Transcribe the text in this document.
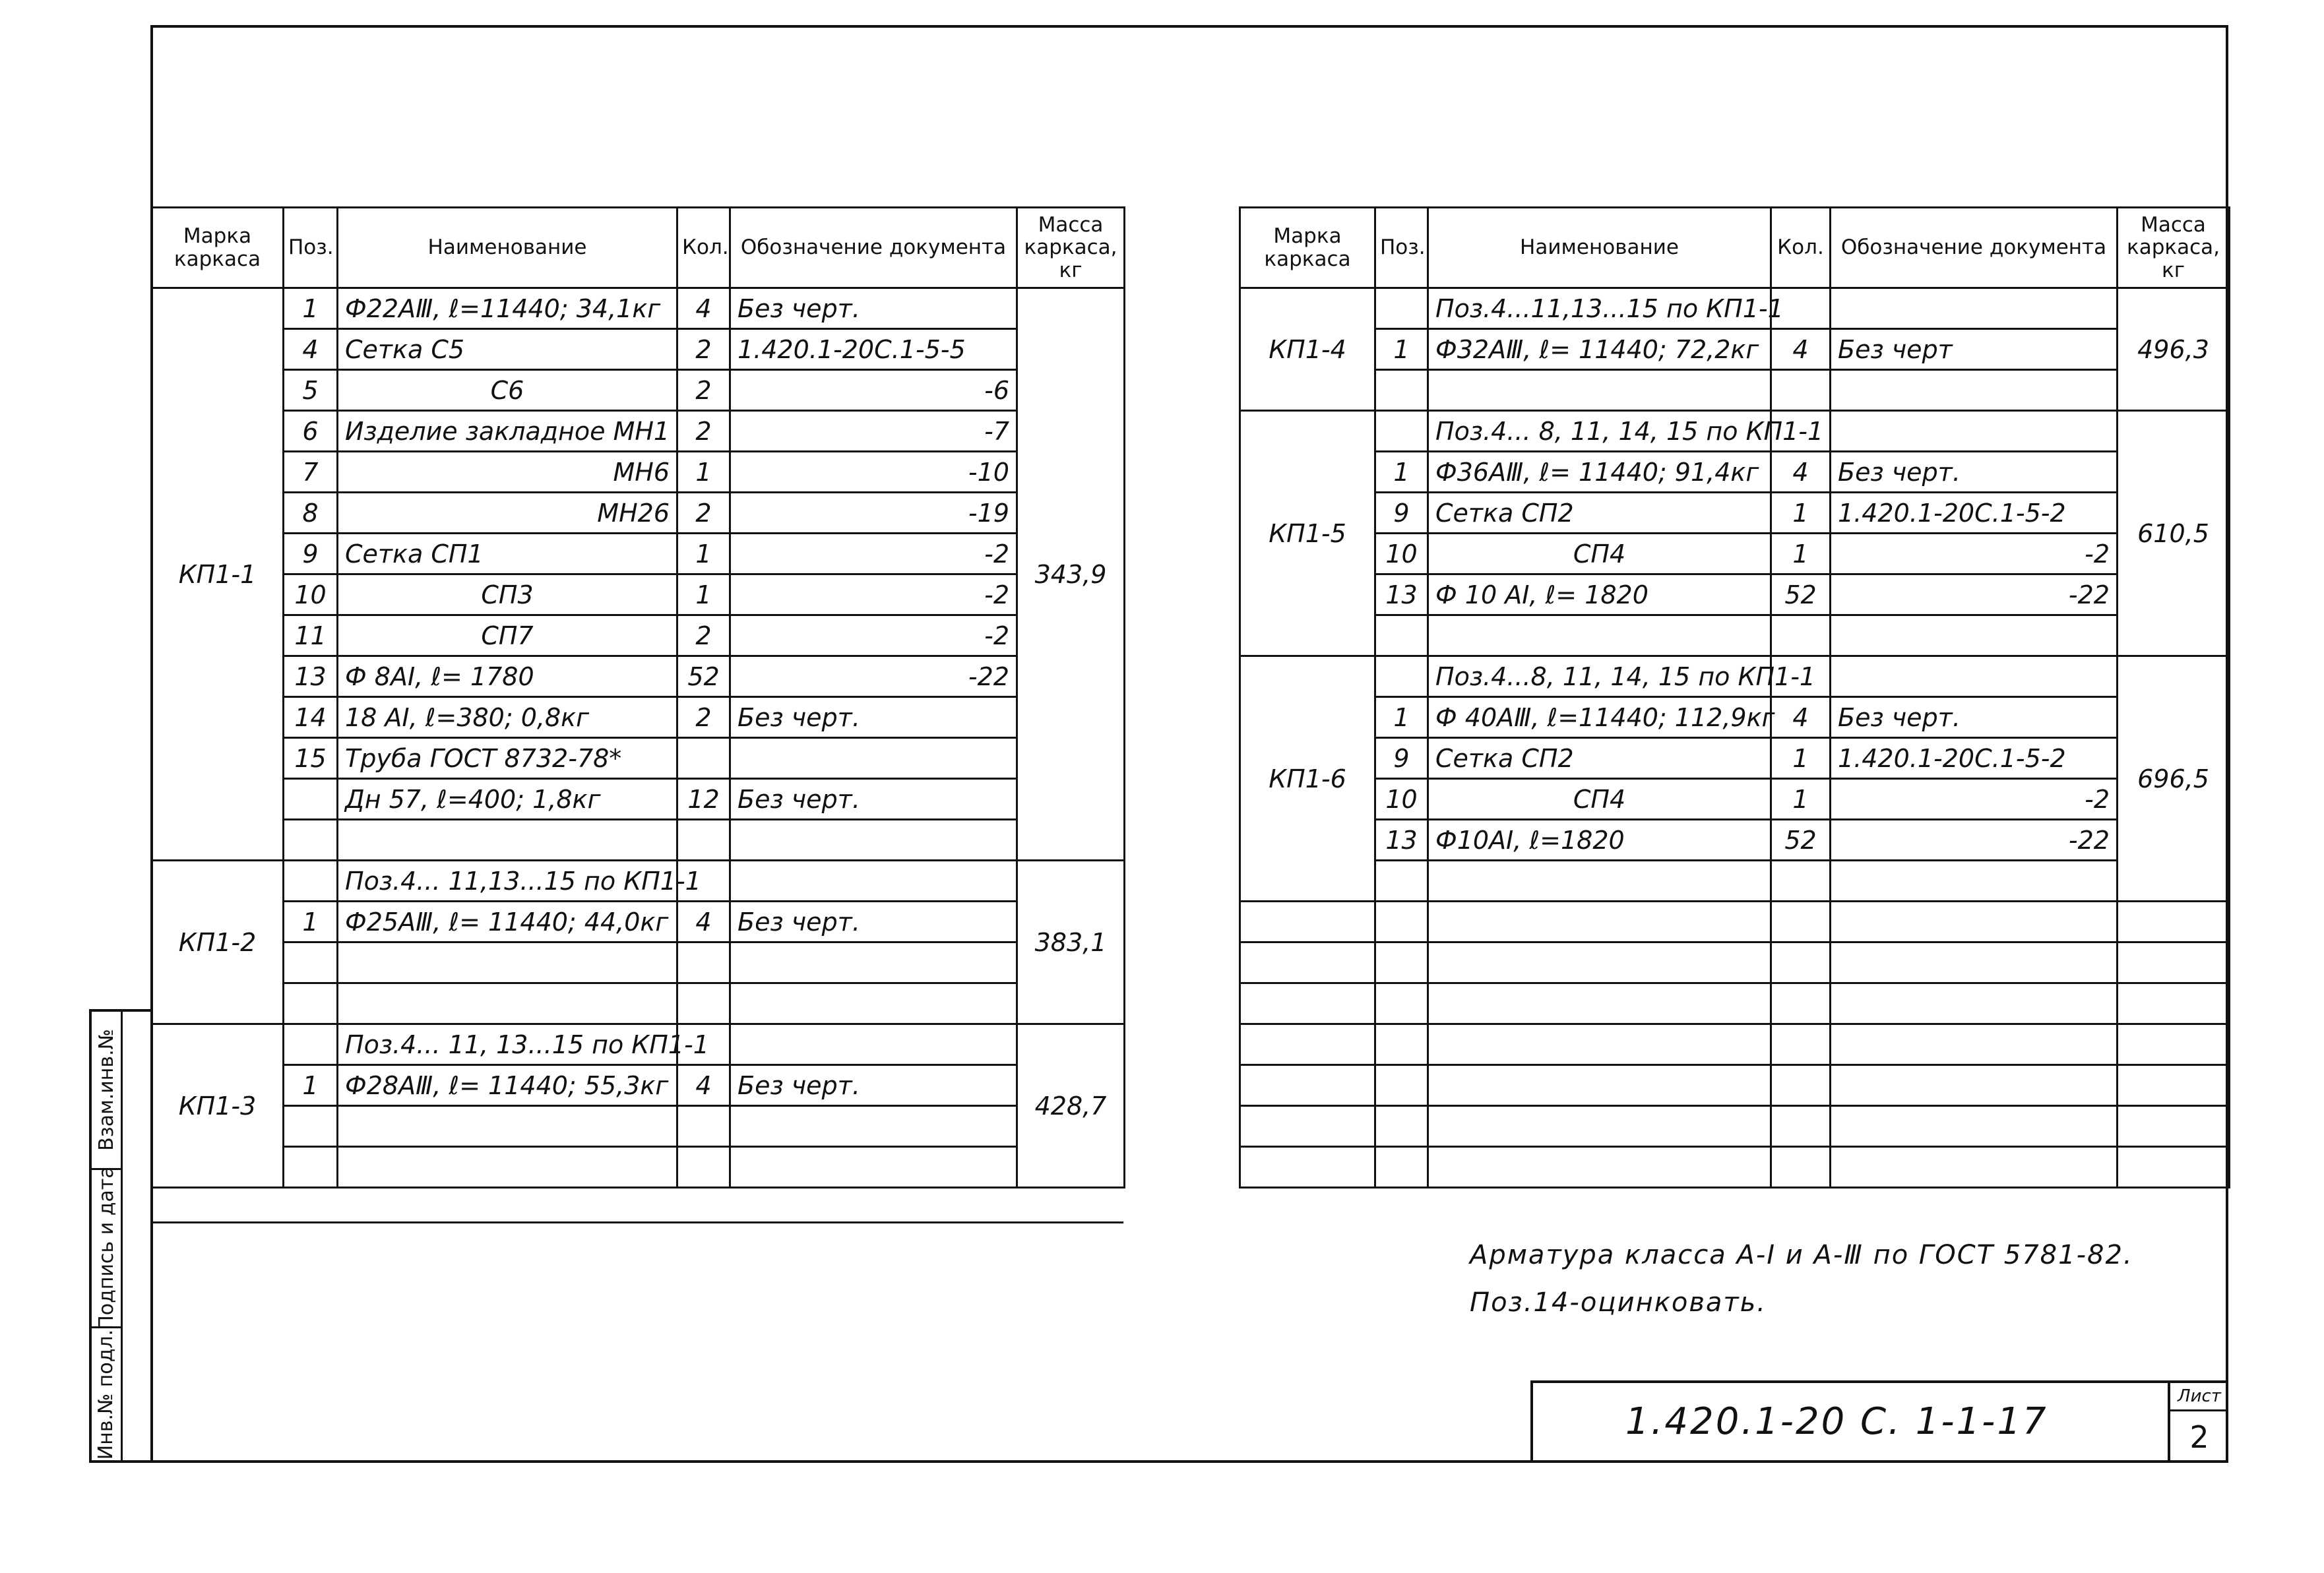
Взам.инв.№
Подпись и дата
Инв.№ подл.
Марка каркаса	Поз.	Наименование	Кол.	Обозначение документа	Масса каркаса, кг
КП1-1	1	Ф22АⅢ, ℓ=11440; 34,1кг	4	Без черт.	343,9
	4	Сетка С5	2	1.420.1-20С.1-5-5	
	5	С6	2	-6	
	6	Изделие закладное МН1	2	-7	
	7	МН6	1	-10	
	8	МН26	2	-19	
	9	Сетка СП1	1	-2	
	10	СП3	1	-2	
	11	СП7	2	-2	
	13	Ф 8АⅠ, ℓ= 1780	52	-22	
	14	18 АⅠ, ℓ=380; 0,8кг	2	Без черт.	
	15	Труба ГОСТ 8732-78*			
		Дн 57, ℓ=400; 1,8кг	12	Без черт.	

КП1-2		Поз.4... 11,13...15 по КП1-1			383,1
	1	Ф25АⅢ, ℓ= 11440; 44,0кг	4	Без черт.	

КП1-3		Поз.4... 11, 13...15 по КП1-1			428,7
	1	Ф28АⅢ, ℓ= 11440; 55,3кг	4	Без черт.	

Марка каркаса	Поз.	Наименование	Кол.	Обозначение документа	Масса каркаса, кг
КП1-4		Поз.4...11,13...15 по КП1-1			496,3
	1	Ф32АⅢ, ℓ= 11440; 72,2кг	4	Без черт	

КП1-5		Поз.4... 8, 11, 14, 15 по КП1-1			610,5
	1	Ф36АⅢ, ℓ= 11440; 91,4кг	4	Без черт.	
	9	Сетка СП2	1	1.420.1-20С.1-5-2	
	10	СП4	1	-2	
	13	Ф 10 АⅠ, ℓ= 1820	52	-22	

КП1-6		Поз.4...8, 11, 14, 15 по КП1-1			696,5
	1	Ф 40АⅢ, ℓ=11440; 112,9кг	4	Без черт.	
	9	Сетка СП2	1	1.420.1-20С.1-5-2	
	10	СП4	1	-2	
	13	Ф10АⅠ, ℓ=1820	52	-22	

Арматура класса А-Ⅰ и А-Ⅲ по ГОСТ 5781-82.
Поз.14-оцинковать.
1.420.1-20 С. 1-1-17
Лист
2
